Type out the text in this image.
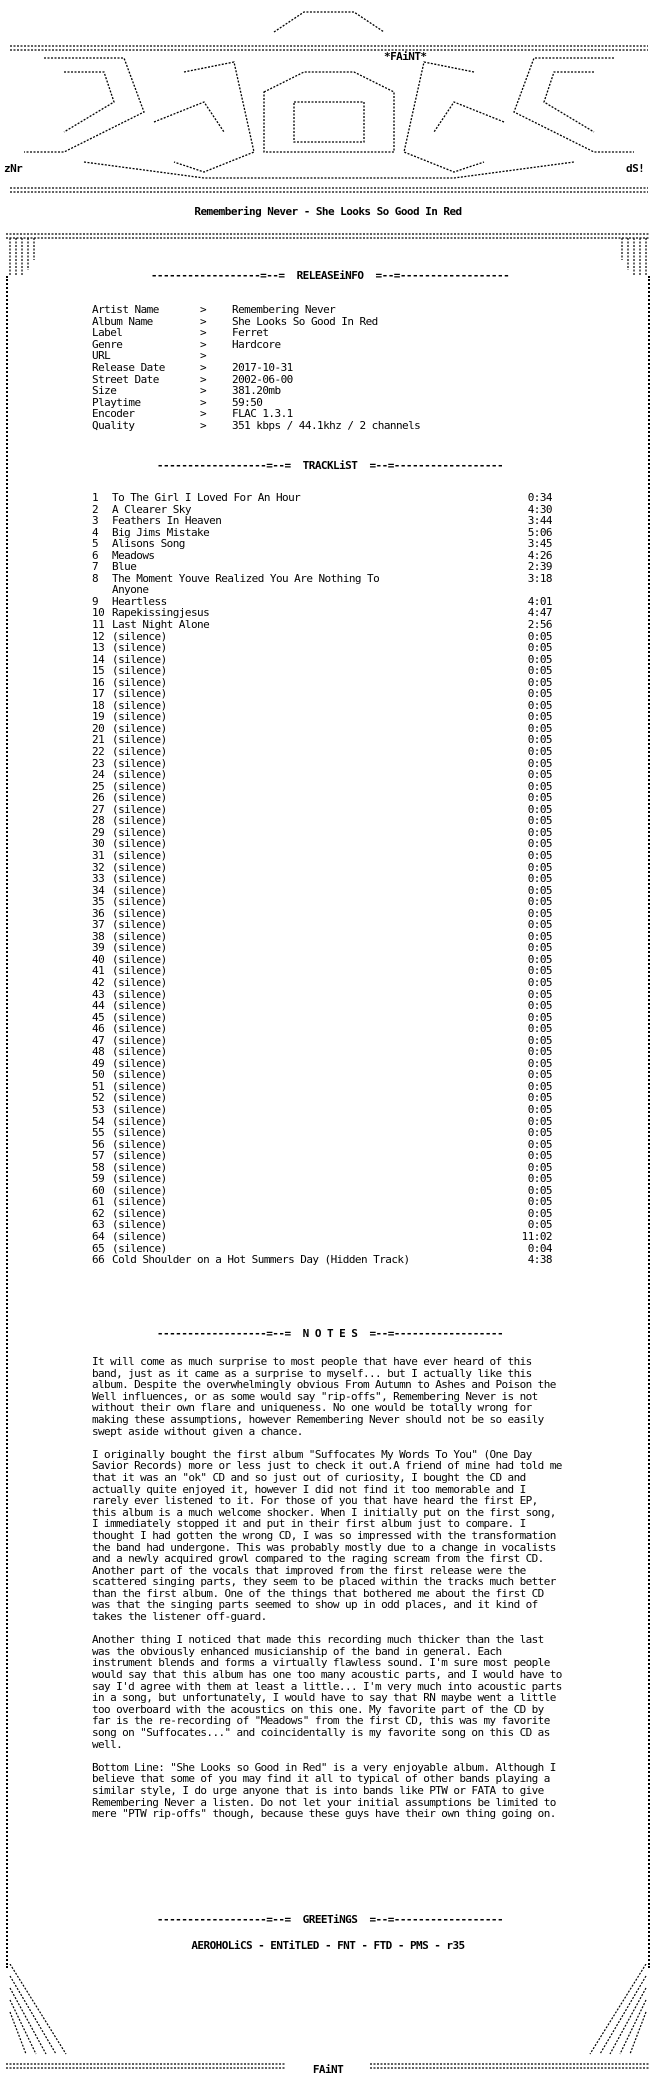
*FAiNT*
zNr	dS!

Remembering Never - She Looks So Good In Red

------------------=--=  RELEASEiNFO  =--=------------------

Artist Name	> Remembering Never
Album Name	> She Looks So Good In Red
Label	> Ferret
Genre	> Hardcore
URL	>
Release Date	> 2017-10-31
Street Date	> 2002-06-00
Size	> 381.20mb
Playtime	> 59:50
Encoder	> FLAC 1.3.1
Quality	> 351 kbps / 44.1khz / 2 channels

------------------=--=  TRACKLiST  =--=------------------

1	To The Girl I Loved For An Hour	0:34
2	A Clearer Sky	4:30
3	Feathers In Heaven	3:44
4	Big Jims Mistake	5:06
5	Alisons Song	3:45
6	Meadows	4:26
7	Blue	2:39
8	The Moment Youve Realized You Are Nothing To	3:18
Anyone
9	Heartless	4:01
10 Rapekissingjesus	4:47
11 Last Night Alone	2:56
12 (silence)	0:05
13 (silence)	0:05
14 (silence)	0:05
15 (silence)	0:05
16 (silence)	0:05
17 (silence)	0:05
18 (silence)	0:05
19 (silence)	0:05
20 (silence)	0:05
21 (silence)	0:05
22 (silence)	0:05
23 (silence)	0:05
24 (silence)	0:05
25 (silence)	0:05
26 (silence)	0:05
27 (silence)	0:05
28 (silence)	0:05
29 (silence)	0:05
30 (silence)	0:05
31 (silence)	0:05
32 (silence)	0:05
33 (silence)	0:05
34 (silence)	0:05
35 (silence)	0:05
36 (silence)	0:05
37 (silence)	0:05
38 (silence)	0:05
39 (silence)	0:05
40 (silence)	0:05
41 (silence)	0:05
42 (silence)	0:05
43 (silence)	0:05
44 (silence)	0:05
45 (silence)	0:05
46 (silence)	0:05
47 (silence)	0:05
48 (silence)	0:05
49 (silence)	0:05
50 (silence)	0:05
51 (silence)	0:05
52 (silence)	0:05
53 (silence)	0:05
54 (silence)	0:05
55 (silence)	0:05
56 (silence)	0:05
57 (silence)	0:05
58 (silence)	0:05
59 (silence)	0:05
60 (silence)	0:05
61 (silence)	0:05
62 (silence)	0:05
63 (silence)	0:05
64 (silence)	11:02
65 (silence)	0:04
66 Cold Shoulder on a Hot Summers Day (Hidden Track)	4:38

------------------=--=  N O T E S  =--=------------------

It will come as much surprise to most people that have ever heard of this band, just as it came as a surprise to myself... but I actually like this album. Despite the overwhelmingly obvious From Autumn to Ashes and Poison the Well influences, or as some would say "rip-offs", Remembering Never is not without their own flare and uniqueness. No one would be totally wrong for making these assumptions, however Remembering Never should not be so easily swept aside without given a chance.

I originally bought the first album "Suffocates My Words To You" (One Day Savior Records) more or less just to check it out.A friend of mine had told me that it was an "ok" CD and so just out of curiosity, I bought the CD and actually quite enjoyed it, however I did not find it too memorable and I rarely ever listened to it. For those of you that have heard the first EP, this album is a much welcome shocker. When I initially put on the first song, I immediately stopped it and put in their first album just to compare. I thought I had gotten the wrong CD, I was so impressed with the transformation the band had undergone. This was probably mostly due to a change in vocalists and a newly acquired growl compared to the raging scream from the first CD. Another part of the vocals that improved from the first release were the scattered singing parts, they seem to be placed within the tracks much better than the first album. One of the things that bothered me about the first CD was that the singing parts seemed to show up in odd places, and it kind of takes the listener off-guard.

Another thing I noticed that made this recording much thicker than the last was the obviously enhanced musicianship of the band in general. Each instrument blends and forms a virtually flawless sound. I'm sure most people would say that this album has one too many acoustic parts, and I would have to say I'd agree with them at least a little... I'm very much into acoustic parts in a song, but unfortunately, I would have to say that RN maybe went a little too overboard with the acoustics on this one. My favorite part of the CD by far is the re-recording of "Meadows" from the first CD, this was my favorite song on "Suffocates..." and coincidentally is my favorite song on this CD as well.

Bottom Line: "She Looks so Good in Red" is a very enjoyable album. Although I believe that some of you may find it all to typical of other bands playing a similar style, I do urge anyone that is into bands like PTW or FATA to give Remembering Never a listen. Do not let your initial assumptions be limited to mere "PTW rip-offs" though, because these guys have their own thing going on.

------------------=--=  GREETiNGS  =--=------------------

AEROHOLiCS - ENTiTLED - FNT - FTD - PMS - r35

FAiNT
